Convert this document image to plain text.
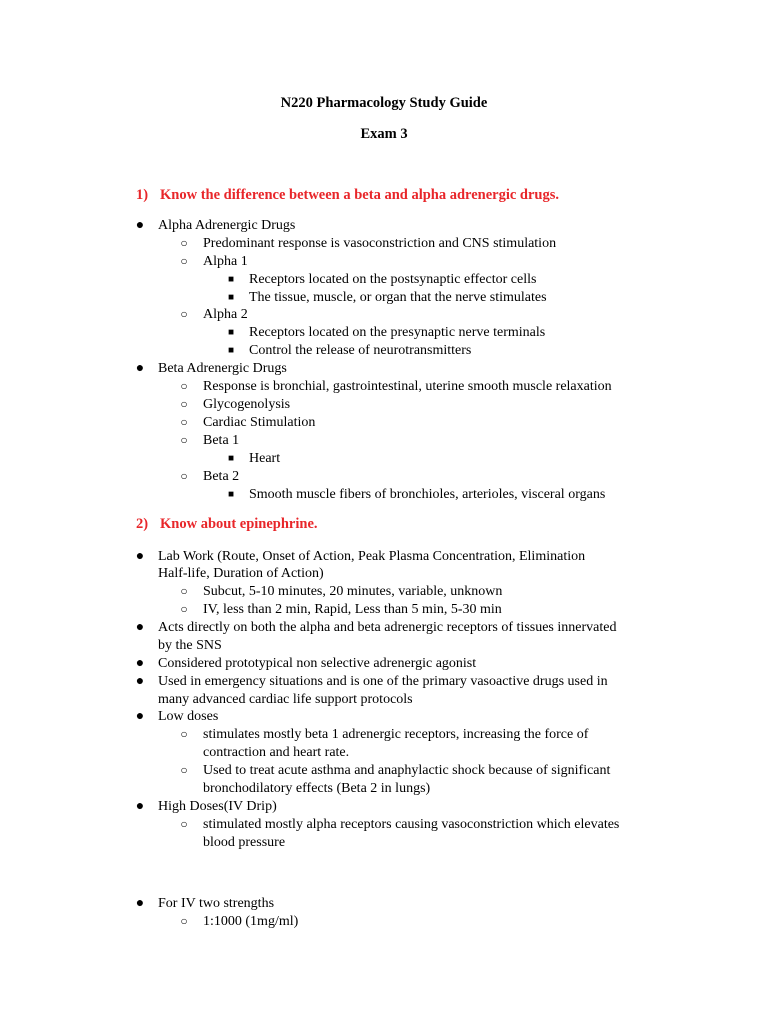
N220 Pharmacology Study Guide
Exam 3
1) Know the difference between a beta and alpha adrenergic drugs.
● Alpha Adrenergic Drugs
○ Predominant response is vasoconstriction and CNS stimulation
○ Alpha 1
■ Receptors located on the postsynaptic effector cells
■ The tissue, muscle, or organ that the nerve stimulates
○ Alpha 2
■ Receptors located on the presynaptic nerve terminals
■ Control the release of neurotransmitters
● Beta Adrenergic Drugs
○ Response is bronchial, gastrointestinal, uterine smooth muscle relaxation
○ Glycogenolysis
○ Cardiac Stimulation
○ Beta 1
■ Heart
○ Beta 2
■ Smooth muscle fibers of bronchioles, arterioles, visceral organs
2) Know about epinephrine.
● Lab Work (Route, Onset of Action, Peak Plasma Concentration, Elimination
Half-life, Duration of Action)
○ Subcut, 5-10 minutes, 20 minutes, variable, unknown
○ IV, less than 2 min, Rapid, Less than 5 min, 5-30 min
● Acts directly on both the alpha and beta adrenergic receptors of tissues innervated
by the SNS
● Considered prototypical non selective adrenergic agonist
● Used in emergency situations and is one of the primary vasoactive drugs used in
many advanced cardiac life support protocols
● Low doses
○ stimulates mostly beta 1 adrenergic receptors, increasing the force of
contraction and heart rate.
○ Used to treat acute asthma and anaphylactic shock because of significant
bronchodilatory effects (Beta 2 in lungs)
● High Doses(IV Drip)
○ stimulated mostly alpha receptors causing vasoconstriction which elevates
blood pressure
● For IV two strengths
○ 1:1000 (1mg/ml)
